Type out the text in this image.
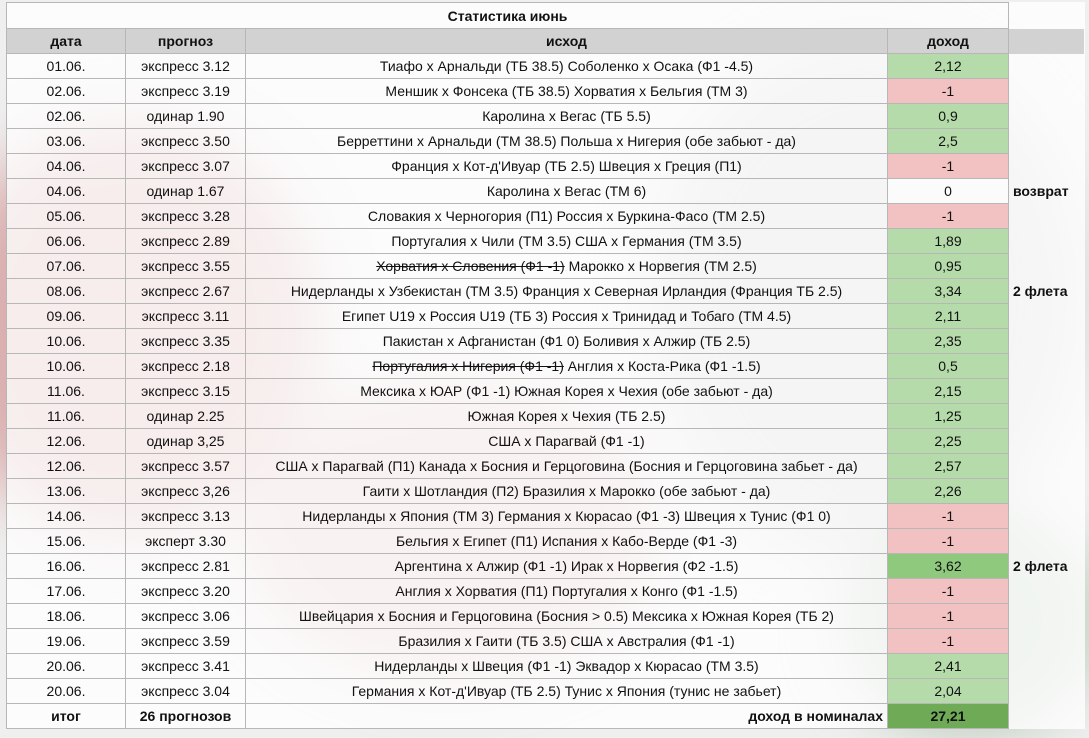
Статистика июнь				
дата	прогноз	исход	доход	
01.06.	экспресс 3.12	Тиафо х Арнальди (ТБ 38.5) Соболенко х Осака (Ф1 -4.5)	2,12	
02.06.	экспресс 3.19	Меншик х Фонсека (ТБ 38.5) Хорватия х Бельгия (ТМ 3)	-1	
02.06.	одинар 1.90	Каролина х Вегас (ТБ 5.5)	0,9	
03.06.	экспресс 3.50	Берреттини х Арнальди (ТМ 38.5) Польша х Нигерия (обе забьют - да)	2,5	
04.06.	экспресс 3.07	Франция х Кот-д'Ивуар (ТБ 2.5) Швеция х Греция (П1)	-1	
04.06.	одинар 1.67	Каролина х Вегас (ТМ 6)	0	возврат
05.06.	экспресс 3.28	Словакия х Черногория (П1) Россия х Буркина-Фасо (ТМ 2.5)	-1	
06.06.	экспресс 2.89	Португалия х Чили (ТМ 3.5) США х Германия (ТМ 3.5)	1,89	
07.06.	экспресс 3.55	Хорватия х Словения (Ф1 -1) Марокко х Норвегия (ТМ 2.5)	0,95	
08.06.	экспресс 2.67	Нидерланды х Узбекистан (ТМ 3.5) Франция х Северная Ирландия (Франция ТБ 2.5)	3,34	2 флета
09.06.	экспресс 3.11	Египет U19 х Россия U19 (ТБ 3) Россия х Тринидад и Тобаго (ТМ 4.5)	2,11	
10.06.	экспресс 3.35	Пакистан х Афганистан (Ф1 0) Боливия х Алжир (ТБ 2.5)	2,35	
10.06.	экспресс 2.18	Португалия х Нигерия (Ф1 -1) Англия х Коста-Рика (Ф1 -1.5)	0,5	
11.06.	экспресс 3.15	Мексика х ЮАР (Ф1 -1) Южная Корея х Чехия (обе забьют - да)	2,15	
11.06.	одинар 2.25	Южная Корея х Чехия (ТБ 2.5)	1,25	
12.06.	одинар 3,25	США х Парагвай (Ф1 -1)	2,25	
12.06.	экспресс 3.57	США х Парагвай (П1) Канада х Босния и Герцоговина (Босния и Герцоговина забьет - да)	2,57	
13.06.	экспресс 3,26	Гаити х Шотландия (П2) Бразилия х Марокко (обе забьют - да)	2,26	
14.06.	экспресс 3.13	Нидерланды х Япония (ТМ 3) Германия х Кюрасао (Ф1 -3) Швеция х Тунис (Ф1 0)	-1	
15.06.	эксперт 3.30	Бельгия х Египет (П1) Испания х Кабо-Верде (Ф1 -3)	-1	
16.06.	экспресс 2.81	Аргентина х Алжир (Ф1 -1) Ирак х Норвегия (Ф2 -1.5)	3,62	2 флета
17.06.	экспресс 3.20	Англия х Хорватия (П1) Португалия х Конго (Ф1 -1.5)	-1	
18.06.	экспресс 3.06	Швейцария х Босния и Герцоговина (Босния > 0.5) Мексика х Южная Корея (ТБ 2)	-1	
19.06.	экспресс 3.59	Бразилия х Гаити (ТБ 3.5) США х Австралия (Ф1 -1)	-1	
20.06.	экспресс 3.41	Нидерланды х Швеция (Ф1 -1) Эквадор х Кюрасао (ТМ 3.5)	2,41	
20.06.	экспресс 3.04	Германия х Кот-д'Ивуар (ТБ 2.5) Тунис х Япония (тунис не забьет)	2,04	
итог	26 прогнозов	доход в номиналах	27,21	
